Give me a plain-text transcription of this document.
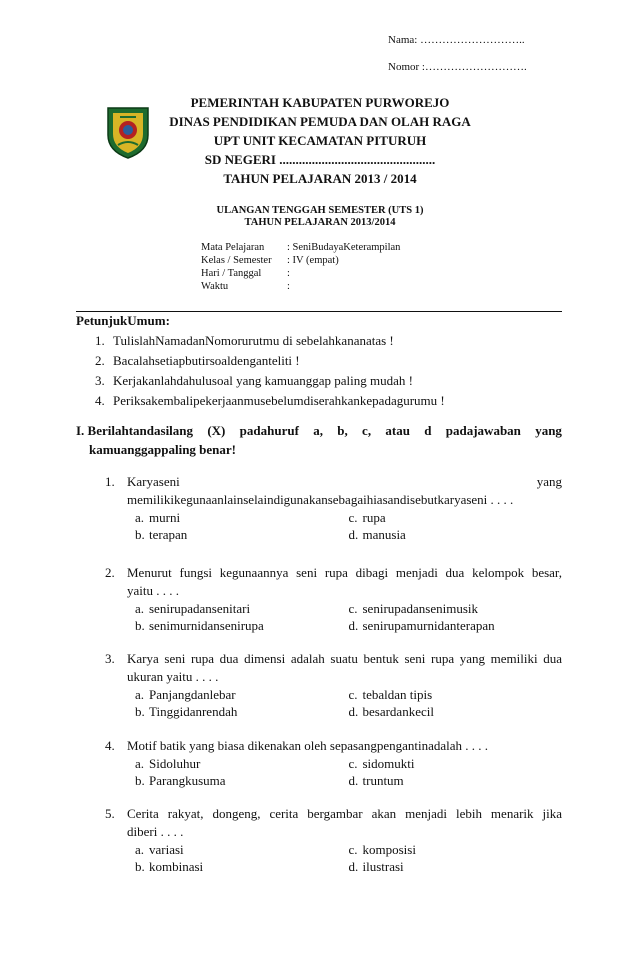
Nama: ………………………..
Nomor :……………………….
PEMERINTAH KABUPATEN PURWOREJO
DINAS PENDIDIKAN PEMUDA DAN OLAH RAGA
UPT UNIT KECAMATAN PITURUH
SD NEGERI ................................................
TAHUN PELAJARAN 2013 / 2014
ULANGAN TENGGAH SEMESTER (UTS 1)
TAHUN PELAJARAN 2013/2014
Mata Pelajaran	: SeniBudayaKeterampilan
Kelas / Semester	: IV (empat)
Hari / Tanggal	:
Waktu	:
PetunjukUmum:
1. TulislahNamadanNomorurutmu di sebelahkananatas !
2. Bacalahsetiapbutirsoaldenganteliti !
3. Kerjakanlahdahulusoal yang kamuanggap paling mudah !
4. Periksakembalipekerjaanmusebelumdiserahkankepadagurumu !
I. Berilahtandasilang (X) padahuruf a, b, c, atau d padajawaban yang
kamuanggappaling benar!
1. Karyaseni	yang
memilikikegunaanlainselaindigunakansebagaihiasandisebutkaryaseni . . . .
a. murni	c. rupa
b. terapan	d. manusia
2. Menurut fungsi kegunaannya seni rupa dibagi menjadi dua kelompok besar,
yaitu . . . .
a. senirupadansenitari	c. senirupadansenimusik
b. senimurnidansenirupa	d. senirupamurnidanterapan
3. Karya seni rupa dua dimensi adalah suatu bentuk seni rupa yang memiliki dua
ukuran yaitu . . . .
a. Panjangdanlebar	c. tebaldan tipis
b. Tinggidanrendah	d. besardankecil
4. Motif batik yang biasa dikenakan oleh sepasangpengantinadalah . . . .
a. Sidoluhur	c. sidomukti
b. Parangkusuma	d. truntum
5. Cerita rakyat, dongeng, cerita bergambar akan menjadi lebih menarik jika
diberi . . . .
a. variasi	c. komposisi
b. kombinasi	d. ilustrasi
